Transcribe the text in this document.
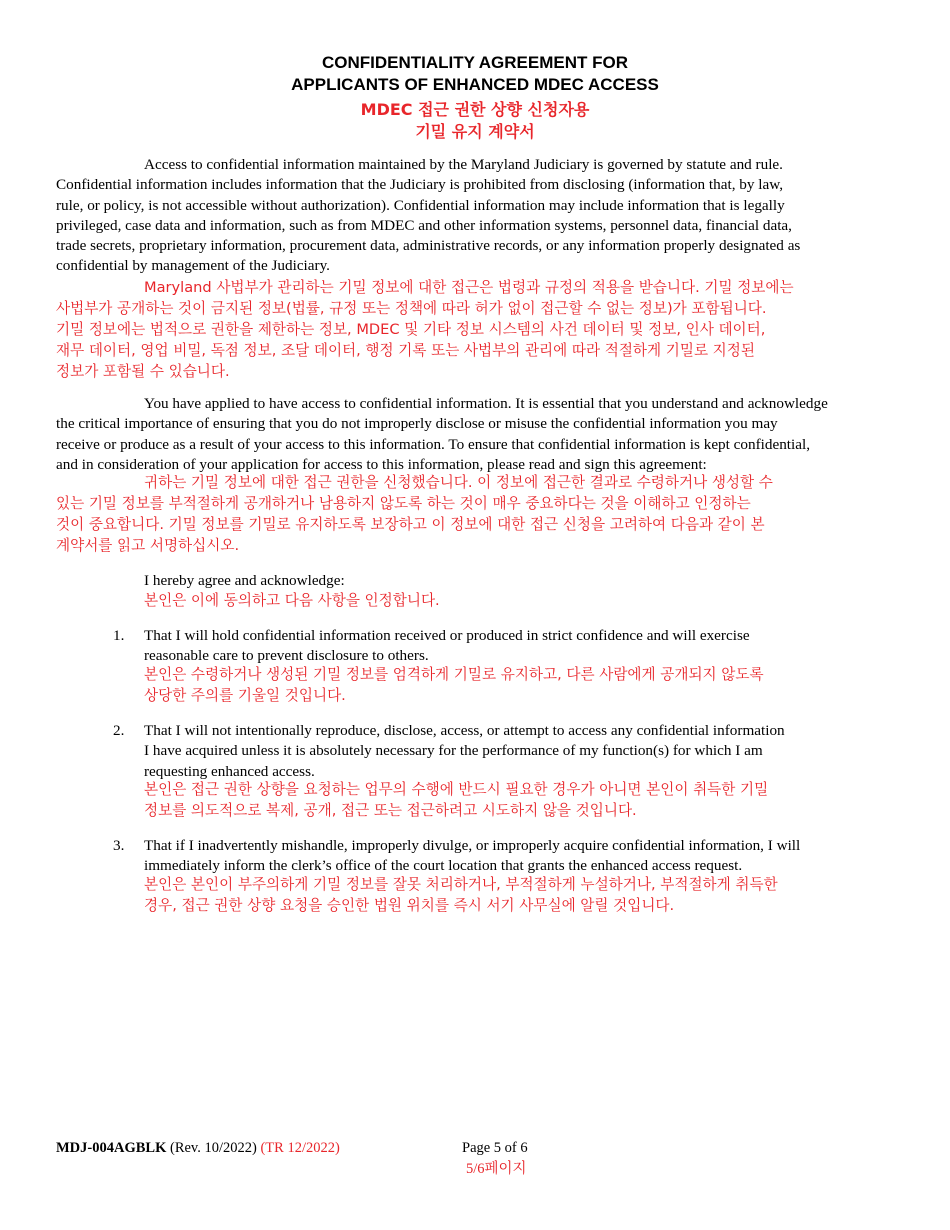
CONFIDENTIALITY AGREEMENT FOR
APPLICANTS OF ENHANCED MDEC ACCESS
MDEC 접근 권한 상향 신청자용
기밀 유지 계약서
Access to confidential information maintained by the Maryland Judiciary is governed by statute and rule.
Confidential information includes information that the Judiciary is prohibited from disclosing (information that, by law,
rule, or policy, is not accessible without authorization). Confidential information may include information that is legally
privileged, case data and information, such as from MDEC and other information systems, personnel data, financial data,
trade secrets, proprietary information, procurement data, administrative records, or any information properly designated as
confidential by management of the Judiciary.
Maryland 사법부가 관리하는 기밀 정보에 대한 접근은 법령과 규정의 적용을 받습니다. 기밀 정보에는
사법부가 공개하는 것이 금지된 정보(법률, 규정 또는 정책에 따라 허가 없이 접근할 수 없는 정보)가 포함됩니다.
기밀 정보에는 법적으로 권한을 제한하는 정보, MDEC 및 기타 정보 시스템의 사건 데이터 및 정보, 인사 데이터,
재무 데이터, 영업 비밀, 독점 정보, 조달 데이터, 행정 기록 또는 사법부의 관리에 따라 적절하게 기밀로 지정된
정보가 포함될 수 있습니다.
You have applied to have access to confidential information. It is essential that you understand and acknowledge
the critical importance of ensuring that you do not improperly disclose or misuse the confidential information you may
receive or produce as a result of your access to this information. To ensure that confidential information is kept confidential,
and in consideration of your application for access to this information, please read and sign this agreement:
귀하는 기밀 정보에 대한 접근 권한을 신청했습니다. 이 정보에 접근한 결과로 수령하거나 생성할 수
있는 기밀 정보를 부적절하게 공개하거나 남용하지 않도록 하는 것이 매우 중요하다는 것을 이해하고 인정하는
것이 중요합니다. 기밀 정보를 기밀로 유지하도록 보장하고 이 정보에 대한 접근 신청을 고려하여 다음과 같이 본
계약서를 읽고 서명하십시오.
I hereby agree and acknowledge:
본인은 이에 동의하고 다음 사항을 인정합니다.
1. That I will hold confidential information received or produced in strict confidence and will exercise
reasonable care to prevent disclosure to others.
본인은 수령하거나 생성된 기밀 정보를 엄격하게 기밀로 유지하고, 다른 사람에게 공개되지 않도록
상당한 주의를 기울일 것입니다.
2. That I will not intentionally reproduce, disclose, access, or attempt to access any confidential information
I have acquired unless it is absolutely necessary for the performance of my function(s) for which I am
requesting enhanced access.
본인은 접근 권한 상향을 요청하는 업무의 수행에 반드시 필요한 경우가 아니면 본인이 취득한 기밀
정보를 의도적으로 복제, 공개, 접근 또는 접근하려고 시도하지 않을 것입니다.
3. That if I inadvertently mishandle, improperly divulge, or improperly acquire confidential information, I will
immediately inform the clerk’s office of the court location that grants the enhanced access request.
본인은 본인이 부주의하게 기밀 정보를 잘못 처리하거나, 부적절하게 누설하거나, 부적절하게 취득한
경우, 접근 권한 상향 요청을 승인한 법원 위치를 즉시 서기 사무실에 알릴 것입니다.
MDJ-004AGBLK (Rev. 10/2022) (TR 12/2022)	Page 5 of 6
5/6페이지
